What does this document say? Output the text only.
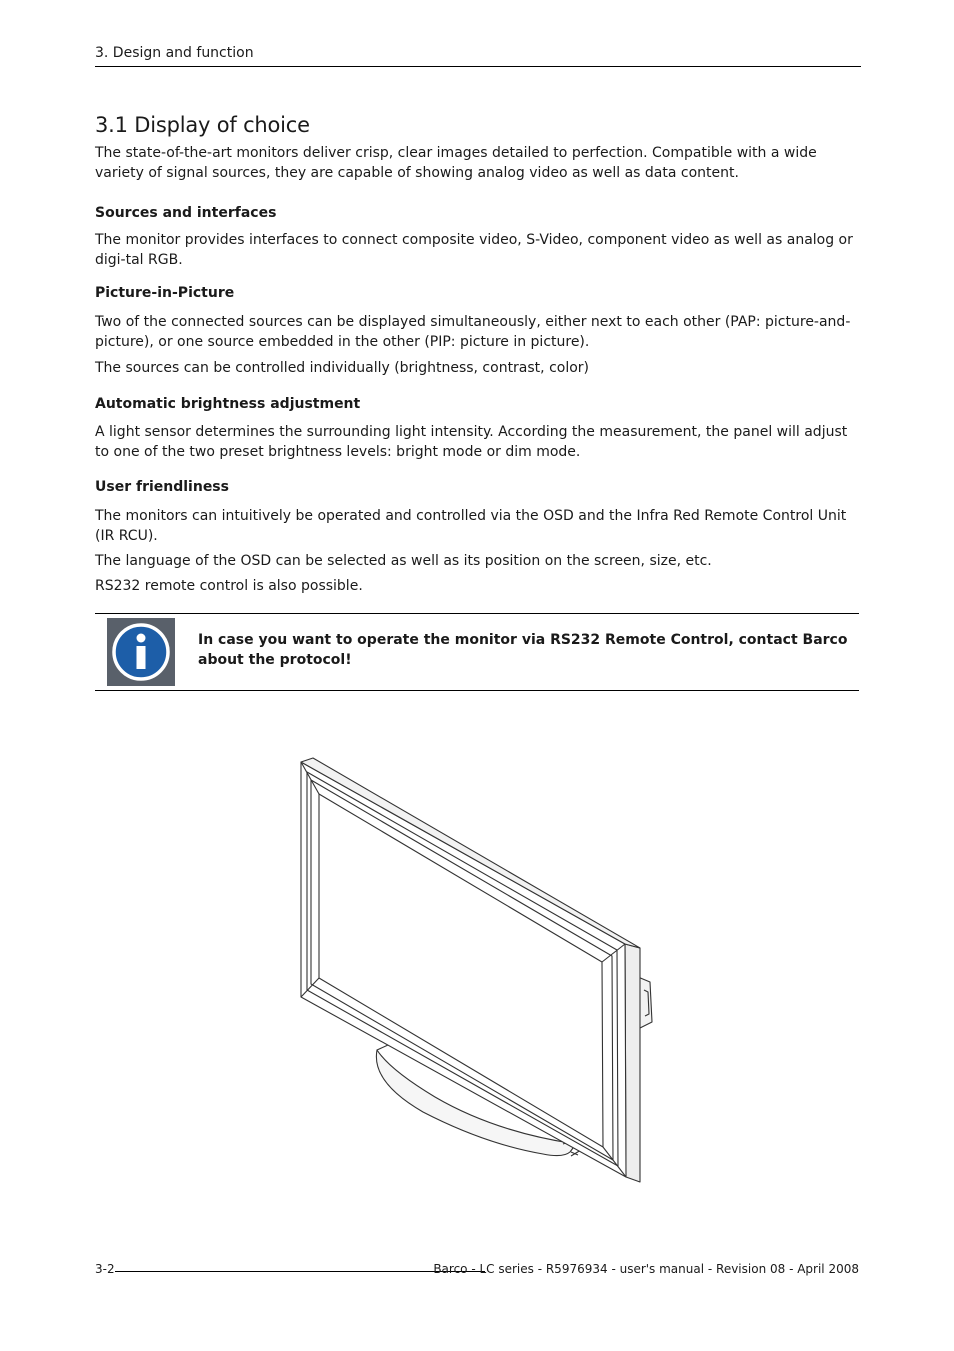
3. Design and function
3.1 Display of choice

The state-of-the-art monitors deliver crisp, clear images detailed to perfection. Compatible with a wide variety of signal sources, they are capable of showing analog video as well as data content.

Sources and interfaces

The monitor provides interfaces to connect composite video, S-Video, component video as well as analog or digi-tal RGB.

Picture-in-Picture

Two of the connected sources can be displayed simultaneously, either next to each other (PAP: picture-and-picture), or one source embedded in the other (PIP: picture in picture).

The sources can be controlled individually (brightness, contrast, color)

Automatic brightness adjustment

A light sensor determines the surrounding light intensity. According the measurement, the panel will adjust to one of the two preset brightness levels: bright mode or dim mode.

User friendliness

The monitors can intuitively be operated and controlled via the OSD and the Infra Red Remote Control Unit (IR RCU).

The language of the OSD can be selected as well as its position on the screen, size, etc.

RS232 remote control is also possible.

In case you want to operate the monitor via RS232 Remote Control, contact Barco about the protocol!
3-2	Barco - LC series - R5976934 - user's manual - Revision 08 - April 2008
